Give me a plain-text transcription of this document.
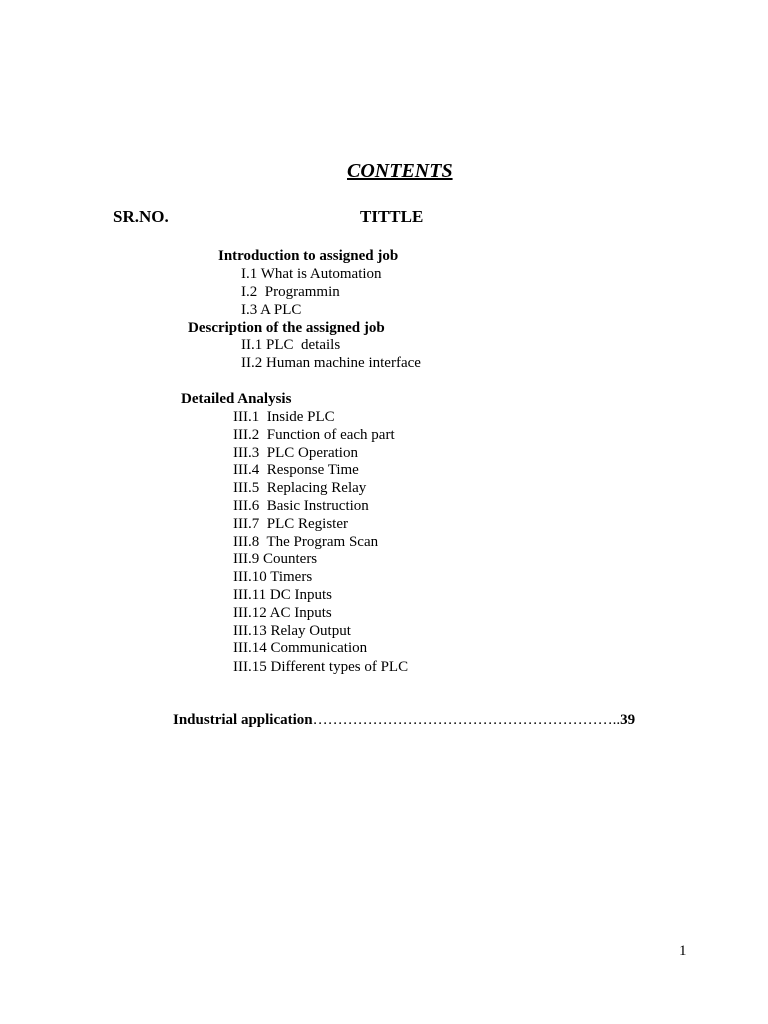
CONTENTS
SR.NO.	TITTLE
Introduction to assigned job
I.1 What is Automation
I.2  Programmin
I.3 A PLC
Description of the assigned job
II.1 PLC  details
II.2 Human machine interface
Detailed Analysis
III.1  Inside PLC
III.2  Function of each part
III.3  PLC Operation
III.4  Response Time
III.5  Replacing Relay
III.6  Basic Instruction
III.7  PLC Register
III.8  The Program Scan
III.9 Counters
III.10 Timers
III.11 DC Inputs
III.12 AC Inputs
III.13 Relay Output
III.14 Communication
III.15 Different types of PLC
Industrial application……………………………………………………..39
1
